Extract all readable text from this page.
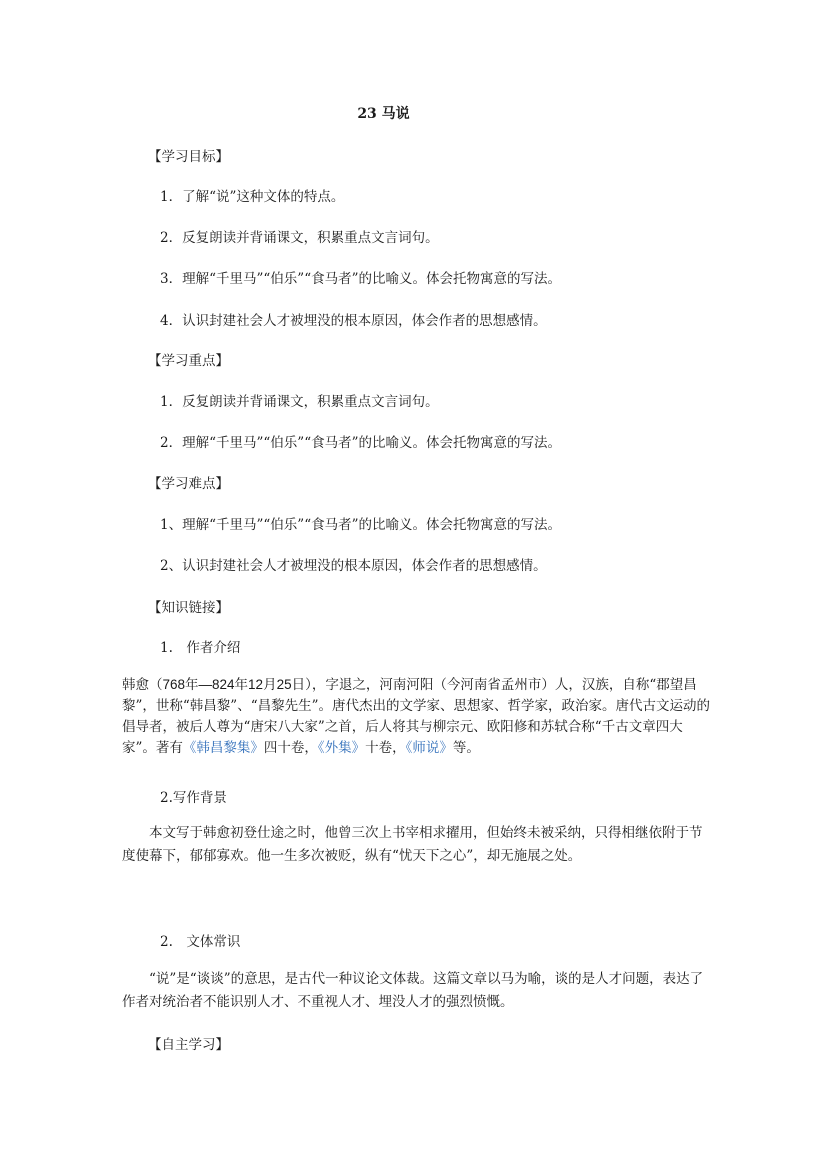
23 马说
【学习目标】
1．了解“说”这种文体的特点。
2．反复朗读并背诵课文，积累重点文言词句。
3．理解“千里马”“伯乐”“食马者”的比喻义。体会托物寓意的写法。
4．认识封建社会人才被埋没的根本原因，体会作者的思想感情。
【学习重点】
1．反复朗读并背诵课文，积累重点文言词句。
2．理解“千里马”“伯乐”“食马者”的比喻义。体会托物寓意的写法。
【学习难点】
1、理解“千里马”“伯乐”“食马者”的比喻义。体会托物寓意的写法。
2、认识封建社会人才被埋没的根本原因，体会作者的思想感情。
【知识链接】
1.　作者介绍
韩愈（768年—824年12月25日），字退之，河南河阳（今河南省孟州市）人，汉族，自称“郡望昌黎”，世称“韩昌黎”、“昌黎先生”。唐代杰出的文学家、思想家、哲学家，政治家。唐代古文运动的倡导者，被后人尊为“唐宋八大家”之首，后人将其与柳宗元、欧阳修和苏轼合称“千古文章四大家”。著有《韩昌黎集》四十卷，《外集》十卷，《师说》等。
2.写作背景
本文写于韩愈初登仕途之时，他曾三次上书宰相求擢用，但始终未被采纳，只得相继依附于节度使幕下，郁郁寡欢。他一生多次被贬，纵有“忧天下之心”，却无施展之处。
2.　文体常识
“说”是“谈谈”的意思，是古代一种议论文体裁。这篇文章以马为喻，谈的是人才问题，表达了作者对统治者不能识别人才、不重视人才、埋没人才的强烈愤慨。
【自主学习】
